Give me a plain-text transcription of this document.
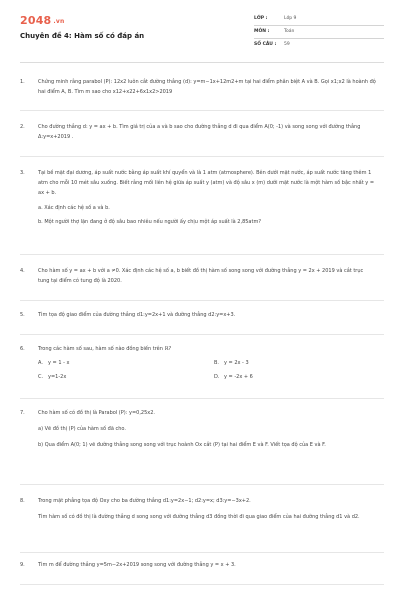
2048 .vn
Chuyên đề 4: Hàm số có đáp án
LỚP :	Lớp 9
MÔN :	Toán
SỐ CÂU : 59
1.	Chứng minh rằng parabol (P): 12x2 luôn cắt đường thẳng (d): y=m−1x+12m2+m tại hai điểm phân biệt A và B. Gọi x1;x2 là hoành độ hai điểm A, B. Tìm m sao cho x12+x22+6x1x2>2019
2.	Cho đường thẳng d: y = ax + b. Tìm giá trị của a và b sao cho đường thẳng d đi qua điểm A(0; -1) và song song với đường thẳng Δ:y=x+2019 .
3.	Tại bề mặt đại dương, áp suất nước bằng áp suất khí quyển và là 1 atm (atmosphere). Bên dưới mặt nước, áp suất nước tăng thêm 1 atm cho mỗi 10 mét sâu xuống. Biết rằng mối liên hệ giữa áp suất y (atm) và độ sâu x (m) dưới mặt nước là một hàm số bậc nhất y = ax + b.
a. Xác định các hệ số a và b.
b. Một người thợ lặn đang ở độ sâu bao nhiêu nếu người ấy chịu một áp suất là 2,85atm?
4.	Cho hàm số y = ax + b với a ≠0. Xác định các hệ số a, b biết đồ thị hàm số song song với đường thẳng y = 2x + 2019 và cắt trục tung tại điểm có tung độ là 2020.
5.	Tìm tọa độ giao điểm của đường thẳng d1:y=2x+1 và đường thẳng d2:y=x+3.
6.	Trong các hàm số sau, hàm số nào đồng biến trên ℝ?
A. y = 1 - x	B. y = 2x - 3
C. y=1-2x	D. y = -2x + 6
7.	Cho hàm số có đồ thị là Parabol (P): y=0,25x2.
a) Vẽ đồ thị (P) của hàm số đã cho.
b) Qua điểm A(0; 1) vẽ đường thẳng song song với trục hoành Ox cắt (P) tại hai điểm E và F. Viết tọa độ của E và F.
8.	Trong mặt phẳng tọa độ Oxy cho ba đường thẳng d1:y=2x−1; d2:y=x; d3:y=−3x+2.
Tìm hàm số có đồ thị là đường thẳng d song song với đường thẳng d3 đồng thời đi qua giao điểm của hai đường thẳng d1 và d2.
9.	Tìm m để đường thẳng y=5m−2x+2019 song song với đường thẳng y = x + 3.
